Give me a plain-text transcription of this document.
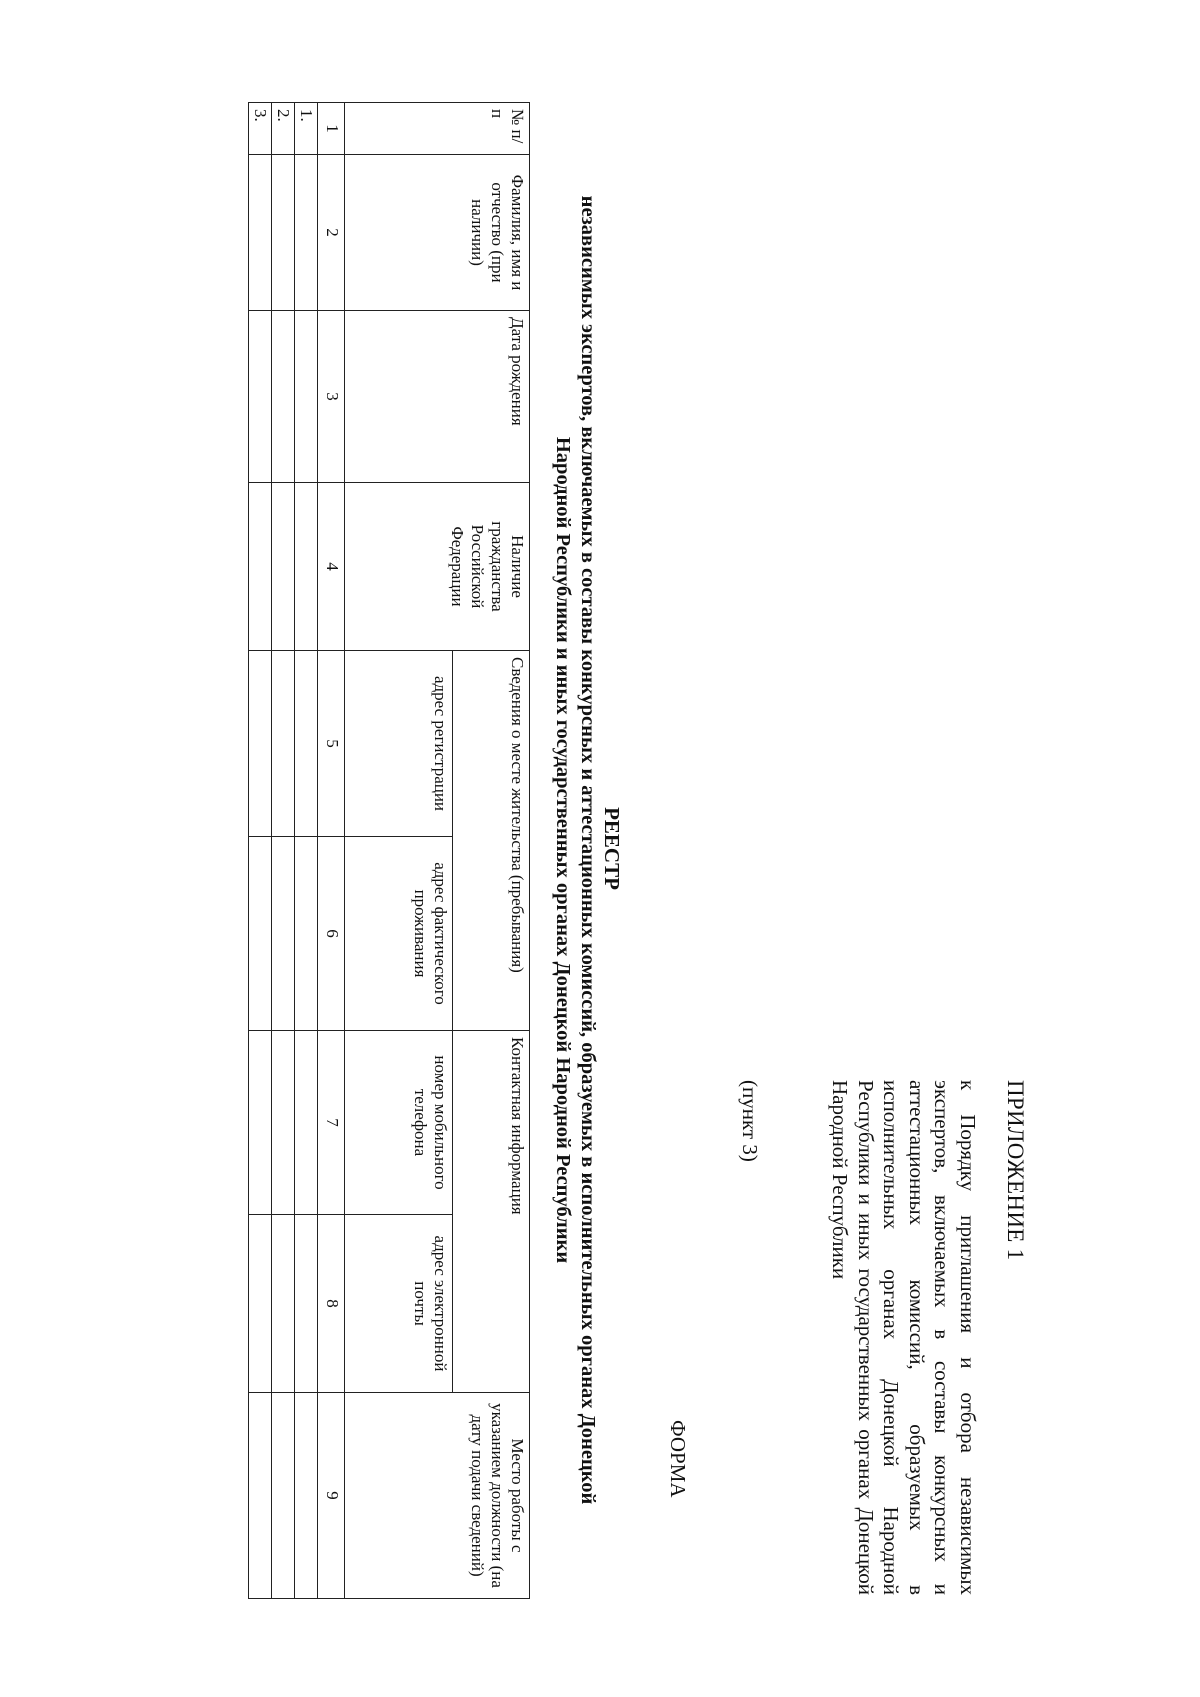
ПРИЛОЖЕНИЕ 1
к Порядку приглашения и отбора независимых экспертов, включаемых в составы конкурсных и аттестационных комиссий, образуемых в исполнительных органах Донецкой Народной Республики и иных государственных органах Донецкой Народной Республики
(пункт 3)
ФОРМА
РЕЕСТР
независимых экспертов, включаемых в составы конкурсных и аттестационных комиссий, образуемых в исполнительных органах Донецкой Народной Республики и иных государственных органах Донецкой Народной Республики
№ п/п	Фамилия, имя и отчество (при наличии)	Дата рождения	Наличие гражданства Российской Федерации	Сведения о месте жительства (пребывания)		Контактная информация		Место работы с указанием должности (на дату подачи сведений)
				адрес регистрации	адрес фактического проживания	номер мобильного телефона	адрес электронной почты	
1	2	3	4	5	6	7	8	9
1.								
2.								
3.								
